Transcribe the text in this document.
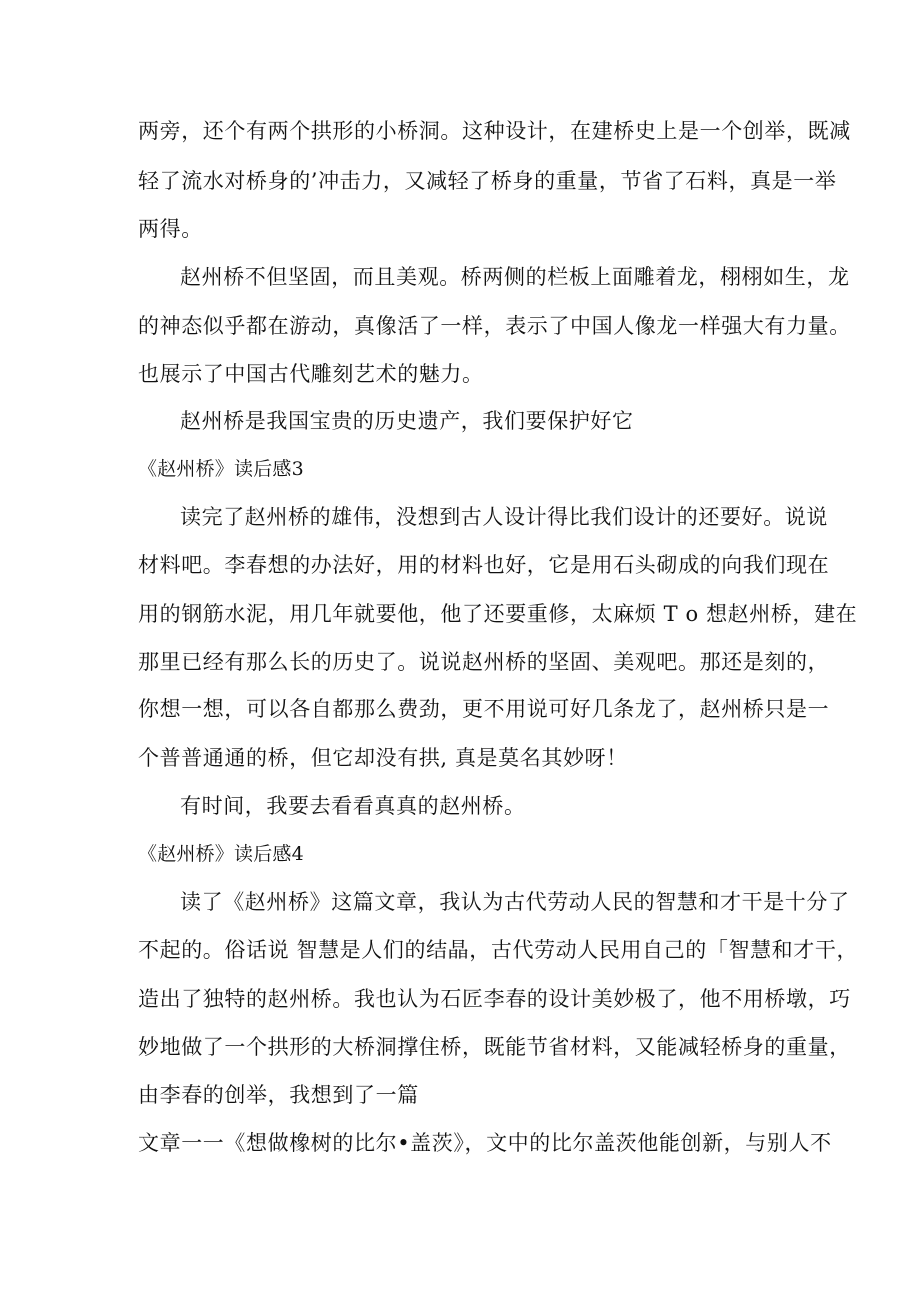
两旁，还个有两个拱形的小桥洞。这种设计，在建桥史上是一个创举，既减
轻了流水对桥身的’冲击力，又减轻了桥身的重量，节省了石料，真是一举
两得。
赵州桥不但坚固，而且美观。桥两侧的栏板上面雕着龙，栩栩如生，龙
的神态似乎都在游动，真像活了一样，表示了中国人像龙一样强大有力量。
也展示了中国古代雕刻艺术的魅力。
赵州桥是我国宝贵的历史遗产，我们要保护好它
《赵州桥》读后感3
读完了赵州桥的雄伟，没想到古人设计得比我们设计的还要好。说说
材料吧。李春想的办法好，用的材料也好，它是用石头砌成的向我们现在
用的钢筋水泥，用几年就要他，他了还要重修，太麻烦 T o 想赵州桥，建在
那里已经有那么长的历史了。说说赵州桥的坚固、美观吧。那还是刻的，
你想一想，可以各自都那么费劲，更不用说可好几条龙了，赵州桥只是一
个普普通通的桥，但它却没有拱, 真是莫名其妙呀！
有时间，我要去看看真真的赵州桥。
《赵州桥》读后感4
读了《赵州桥》这篇文章，我认为古代劳动人民的智慧和才干是十分了
不起的。俗话说 智慧是人们的结晶，古代劳动人民用自己的「智慧和才干，
造出了独特的赵州桥。我也认为石匠李春的设计美妙极了，他不用桥墩，巧
妙地做了一个拱形的大桥洞撑住桥，既能节省材料，又能减轻桥身的重量，
由李春的创举，我想到了一篇
文章一一《想做橡树的比尔•盖茨》，文中的比尔盖茨他能创新，与别人不
